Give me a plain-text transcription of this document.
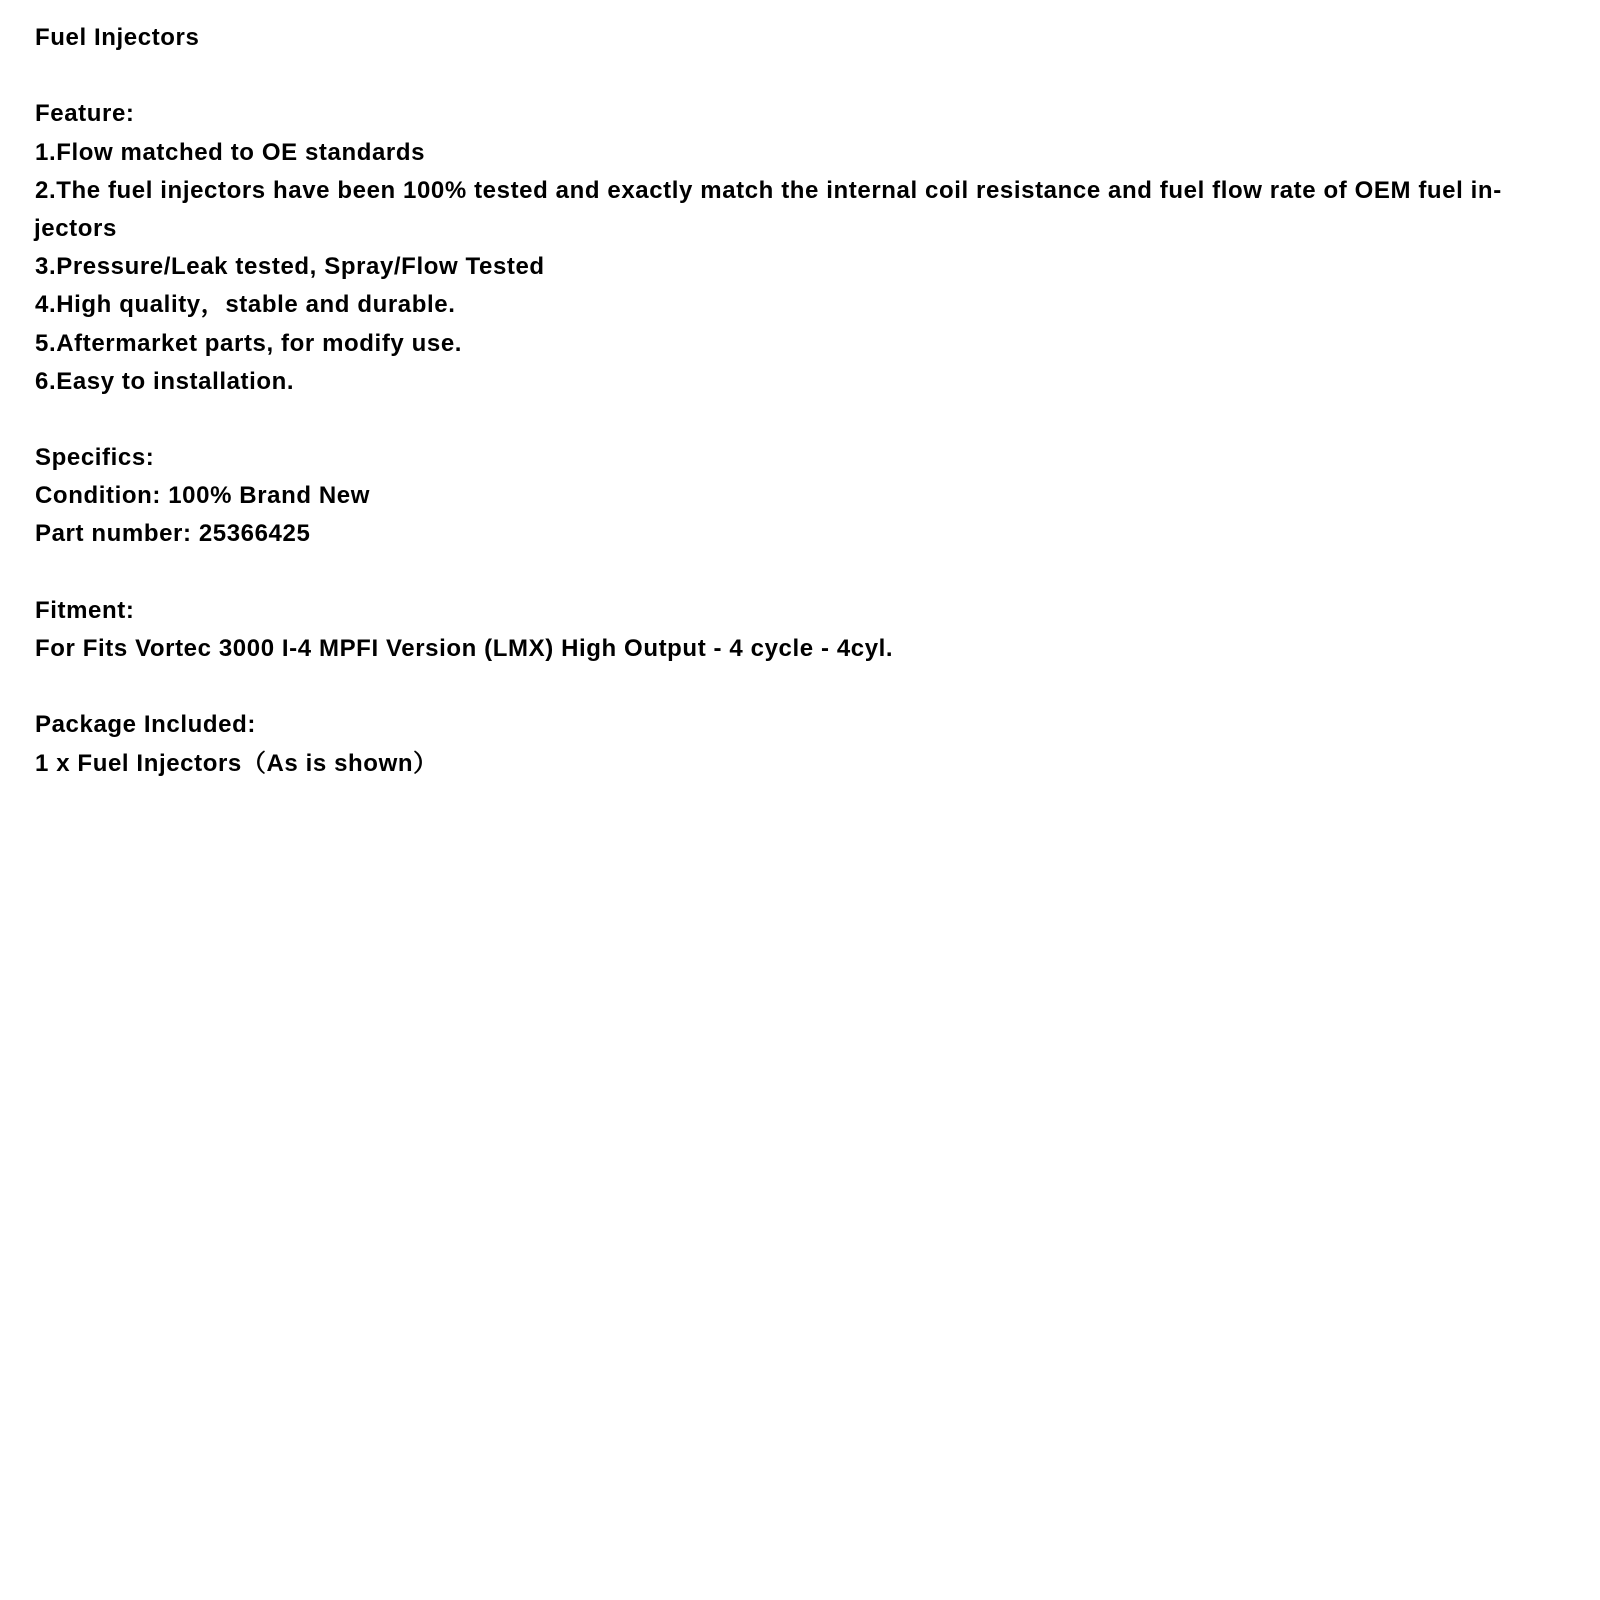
Fuel Injectors
Feature:
1.Flow matched to OE standards
2.The fuel injectors have been 100% tested and exactly match the internal coil resistance and fuel flow rate of OEM fuel in-
jectors
3.Pressure/Leak tested, Spray/Flow Tested
4.High quality，stable and durable.
5.Aftermarket parts, for modify use.
6.Easy to installation.
Specifics:
Condition: 100% Brand New
Part number: 25366425
Fitment:
For Fits Vortec 3000 I-4 MPFI Version (LMX) High Output - 4 cycle - 4cyl.
Package Included:
1 x Fuel Injectors（As is shown）
